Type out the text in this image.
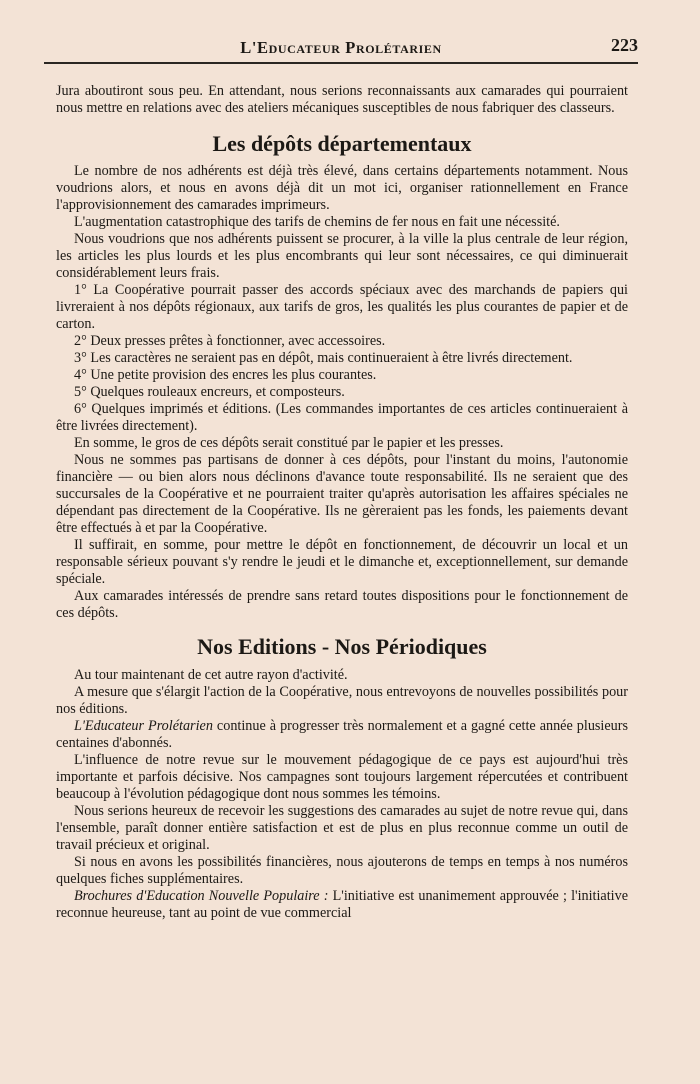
L'Educateur Prolétarien	223

Jura aboutiront sous peu. En attendant, nous serions reconnaissants aux camarades qui pourraient nous mettre en relations avec des ateliers mécaniques susceptibles de nous fabriquer des classeurs.

Les dépôts départementaux

Le nombre de nos adhérents est déjà très élevé, dans certains départements notamment. Nous voudrions alors, et nous en avons déjà dit un mot ici, organiser rationnellement en France l'approvisionnement des camarades imprimeurs.

L'augmentation catastrophique des tarifs de chemins de fer nous en fait une nécessité.

Nous voudrions que nos adhérents puissent se procurer, à la ville la plus centrale de leur région, les articles les plus lourds et les plus encombrants qui leur sont nécessaires, ce qui diminuerait considérablement leurs frais.

1° La Coopérative pourrait passer des accords spéciaux avec des marchands de papiers qui livreraient à nos dépôts régionaux, aux tarifs de gros, les qualités les plus courantes de papier et de carton.

2° Deux presses prêtes à fonctionner, avec accessoires.

3° Les caractères ne seraient pas en dépôt, mais continueraient à être livrés directement.

4° Une petite provision des encres les plus courantes.

5° Quelques rouleaux encreurs, et composteurs.

6° Quelques imprimés et éditions. (Les commandes importantes de ces articles continueraient à être livrées directement).

En somme, le gros de ces dépôts serait constitué par le papier et les presses.

Nous ne sommes pas partisans de donner à ces dépôts, pour l'instant du moins, l'autonomie financière — ou bien alors nous déclinons d'avance toute responsabilité. Ils ne seraient que des succursales de la Coopérative et ne pourraient traiter qu'après autorisation les affaires spéciales ne dépendant pas directement de la Coopérative. Ils ne gèreraient pas les fonds, les paiements devant être effectués à et par la Coopérative.

Il suffirait, en somme, pour mettre le dépôt en fonctionnement, de découvrir un local et un responsable sérieux pouvant s'y rendre le jeudi et le dimanche et, exceptionnellement, sur demande spéciale.

Aux camarades intéressés de prendre sans retard toutes dispositions pour le fonctionnement de ces dépôts.

Nos Editions - Nos Périodiques

Au tour maintenant de cet autre rayon d'activité.

A mesure que s'élargit l'action de la Coopérative, nous entrevoyons de nouvelles possibilités pour nos éditions.

L'Educateur Prolétarien continue à progresser très normalement et a gagné cette année plusieurs centaines d'abonnés.

L'influence de notre revue sur le mouvement pédagogique de ce pays est aujourd'hui très importante et parfois décisive. Nos campagnes sont toujours largement répercutées et contribuent beaucoup à l'évolution pédagogique dont nous sommes les témoins.

Nous serions heureux de recevoir les suggestions des camarades au sujet de notre revue qui, dans l'ensemble, paraît donner entière satisfaction et est de plus en plus reconnue comme un outil de travail précieux et original.

Si nous en avons les possibilités financières, nous ajouterons de temps en temps à nos numéros quelques fiches supplémentaires.

Brochures d'Education Nouvelle Populaire : L'initiative est unanimement approuvée ; l'initiative reconnue heureuse, tant au point de vue commercial
